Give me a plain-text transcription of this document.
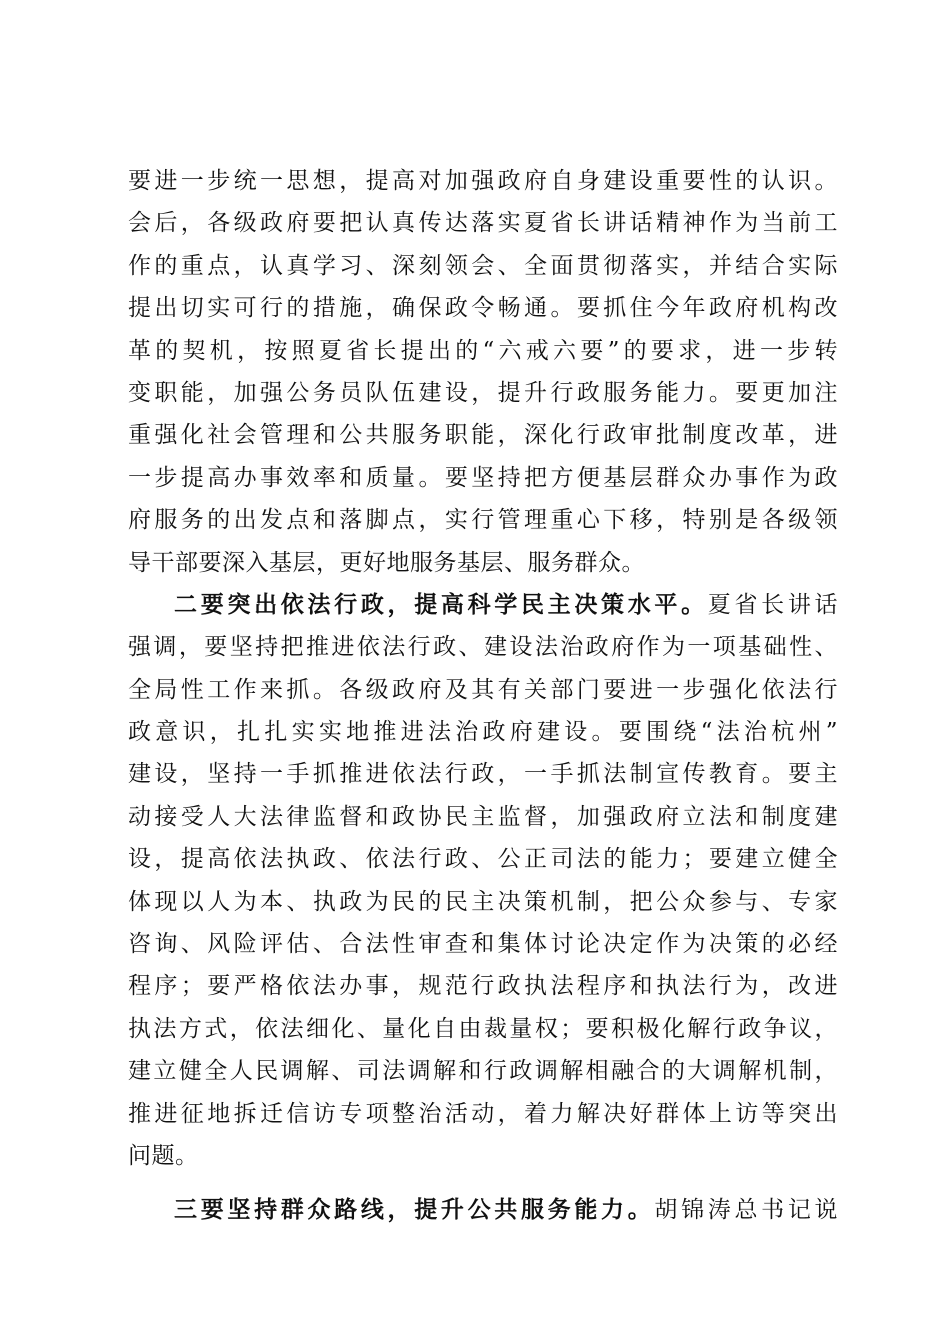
要进一步统一思想，提高对加强政府自身建设重要性的认识。
会后，各级政府要把认真传达落实夏省长讲话精神作为当前工
作的重点，认真学习、深刻领会、全面贯彻落实，并结合实际
提出切实可行的措施，确保政令畅通。要抓住今年政府机构改
革的契机，按照夏省长提出的“六戒六要”的要求，进一步转
变职能，加强公务员队伍建设，提升行政服务能力。要更加注
重强化社会管理和公共服务职能，深化行政审批制度改革，进
一步提高办事效率和质量。要坚持把方便基层群众办事作为政
府服务的出发点和落脚点，实行管理重心下移，特别是各级领
导干部要深入基层，更好地服务基层、服务群众。
二要突出依法行政，提高科学民主决策水平。夏省长讲话
强调，要坚持把推进依法行政、建设法治政府作为一项基础性、
全局性工作来抓。各级政府及其有关部门要进一步强化依法行
政意识，扎扎实实地推进法治政府建设。要围绕“法治杭州”
建设，坚持一手抓推进依法行政，一手抓法制宣传教育。要主
动接受人大法律监督和政协民主监督，加强政府立法和制度建
设，提高依法执政、依法行政、公正司法的能力；要建立健全
体现以人为本、执政为民的民主决策机制，把公众参与、专家
咨询、风险评估、合法性审查和集体讨论决定作为决策的必经
程序；要严格依法办事，规范行政执法程序和执法行为，改进
执法方式，依法细化、量化自由裁量权；要积极化解行政争议，
建立健全人民调解、司法调解和行政调解相融合的大调解机制，
推进征地拆迁信访专项整治活动，着力解决好群体上访等突出
问题。
三要坚持群众路线，提升公共服务能力。胡锦涛总书记说
